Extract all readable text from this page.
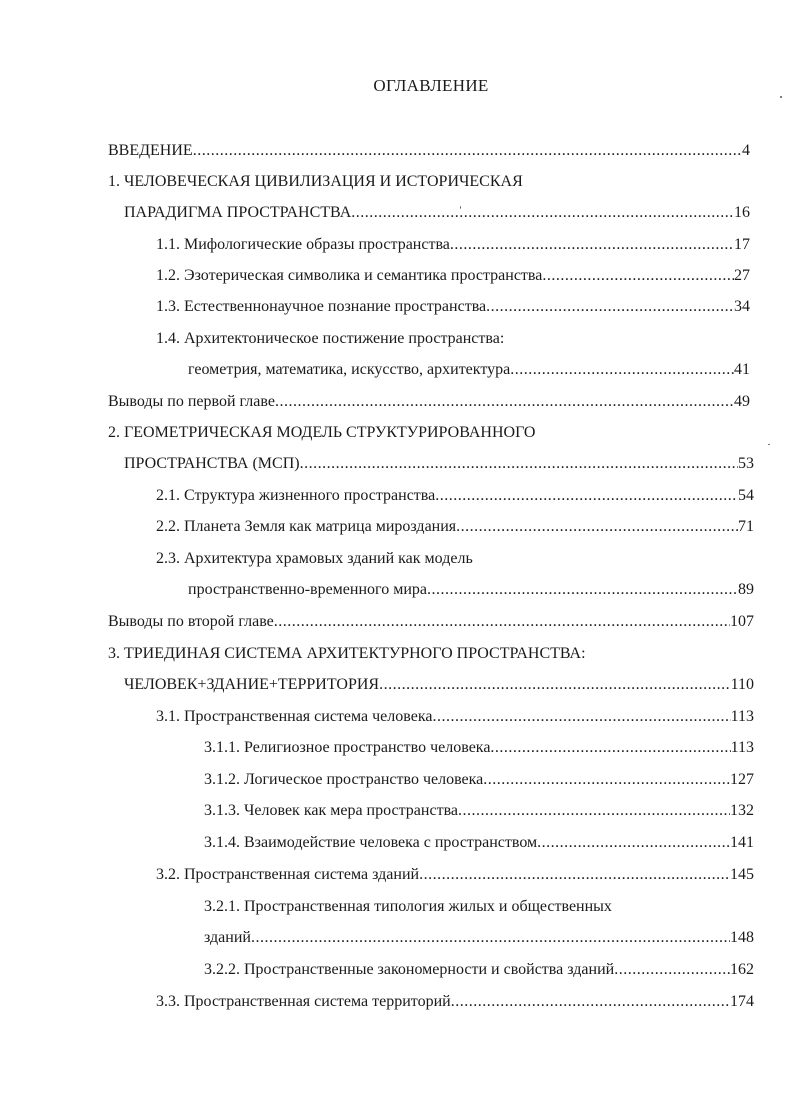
ОГЛАВЛЕНИЕ
ВВЕДЕНИЕ .....	4
1. ЧЕЛОВЕЧЕСКАЯ ЦИВИЛИЗАЦИЯ И ИСТОРИЧЕСКАЯ
ПАРАДИГМА ПРОСТРАНСТВА .....	16
1.1. Мифологические образы пространства .....	17
1.2. Эзотерическая символика и семантика пространства .....	27
1.3. Естественнонаучное познание пространства .....	34
1.4. Архитектоническое постижение пространства:
геометрия, математика, искусство, архитектура .....	41
Выводы по первой главе .....	49
2. ГЕОМЕТРИЧЕСКАЯ МОДЕЛЬ СТРУКТУРИРОВАННОГО
ПРОСТРАНСТВА (МСП) .....	53
2.1. Структура жизненного пространства .....	54
2.2. Планета Земля как матрица мироздания .....	71
2.3. Архитектура храмовых зданий как модель
пространственно-временного мира .....	89
Выводы по второй главе .....	107
3. ТРИЕДИНАЯ СИСТЕМА АРХИТЕКТУРНОГО ПРОСТРАНСТВА:
ЧЕЛОВЕК+ЗДАНИЕ+ТЕРРИТОРИЯ .....	110
3.1. Пространственная система человека .....	113
3.1.1. Религиозное пространство человека .....	113
3.1.2. Логическое пространство человека .....	127
3.1.3. Человек как мера пространства .....	132
3.1.4. Взаимодействие человека с пространством .....	141
3.2. Пространственная система зданий .....	145
3.2.1. Пространственная типология жилых и общественных
зданий .....	148
3.2.2. Пространственные закономерности и свойства зданий .....	162
3.3. Пространственная система территорий .....	174
